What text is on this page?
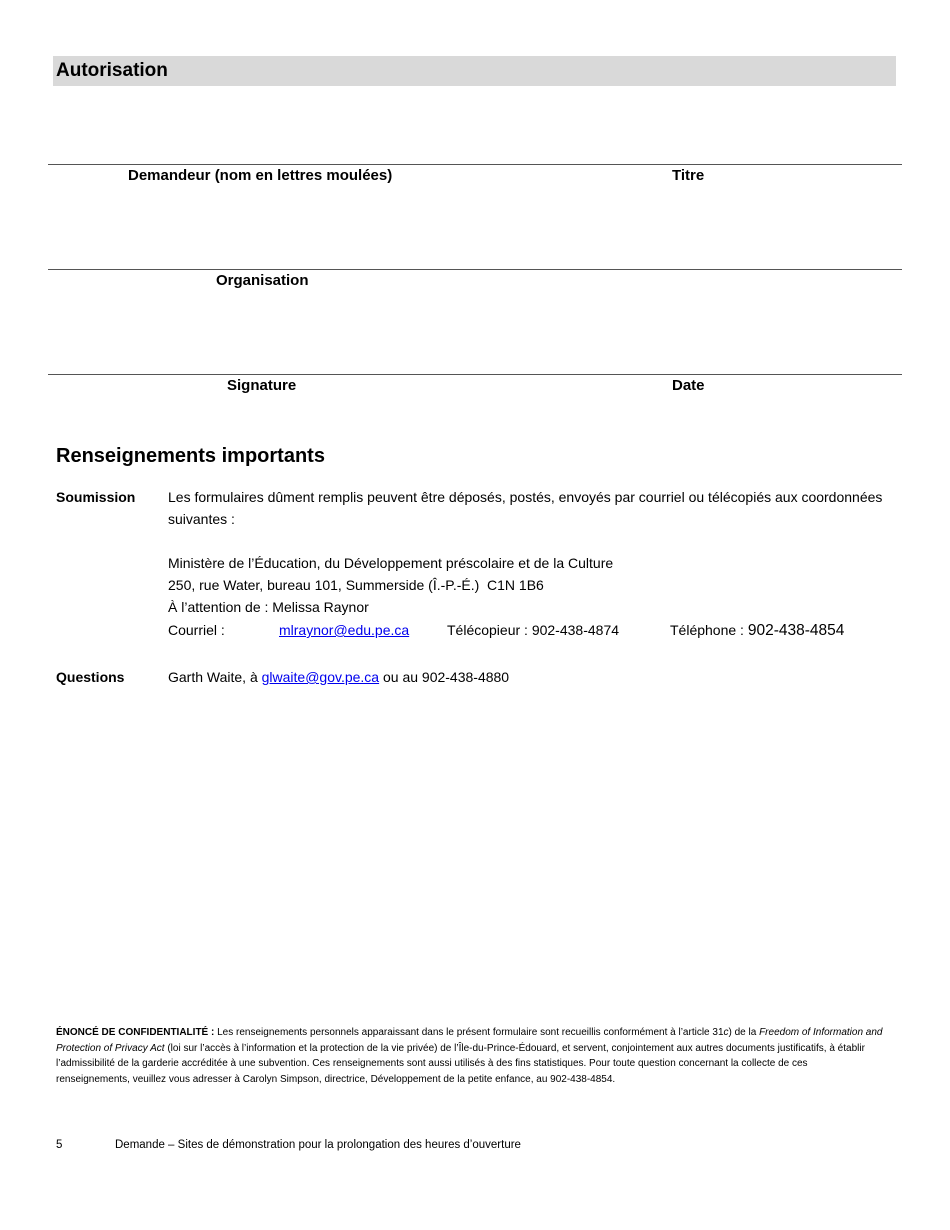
Autorisation
Demandeur (nom en lettres moulées)	Titre
Organisation
Signature	Date
Renseignements importants
Soumission Les formulaires dûment remplis peuvent être déposés, postés, envoyés par courriel ou télécopiés aux coordonnées suivantes :
Ministère de l’Éducation, du Développement préscolaire et de la Culture
250, rue Water, bureau 101, Summerside (Î.-P.-É.)  C1N 1B6
À l’attention de : Melissa Raynor
Courriel :	mlraynor@edu.pe.ca	Télécopieur : 902-438-4874	Téléphone : 902-438-4854
Questions	Garth Waite, à glwaite@gov.pe.ca ou au 902-438-4880
ÉNONCÉ DE CONFIDENTIALITÉ : Les renseignements personnels apparaissant dans le présent formulaire sont recueillis conformément à l’article 31c) de la Freedom of Information and Protection of Privacy Act (loi sur l’accès à l’information et la protection de la vie privée) de l’Île-du-Prince-Édouard, et servent, conjointement aux autres documents justificatifs, à établir l’admissibilité de la garderie accréditée à une subvention. Ces renseignements sont aussi utilisés à des fins statistiques. Pour toute question concernant la collecte de ces renseignements, veuillez vous adresser à Carolyn Simpson, directrice, Développement de la petite enfance, au 902-438-4854.
5	Demande – Sites de démonstration pour la prolongation des heures d’ouverture
